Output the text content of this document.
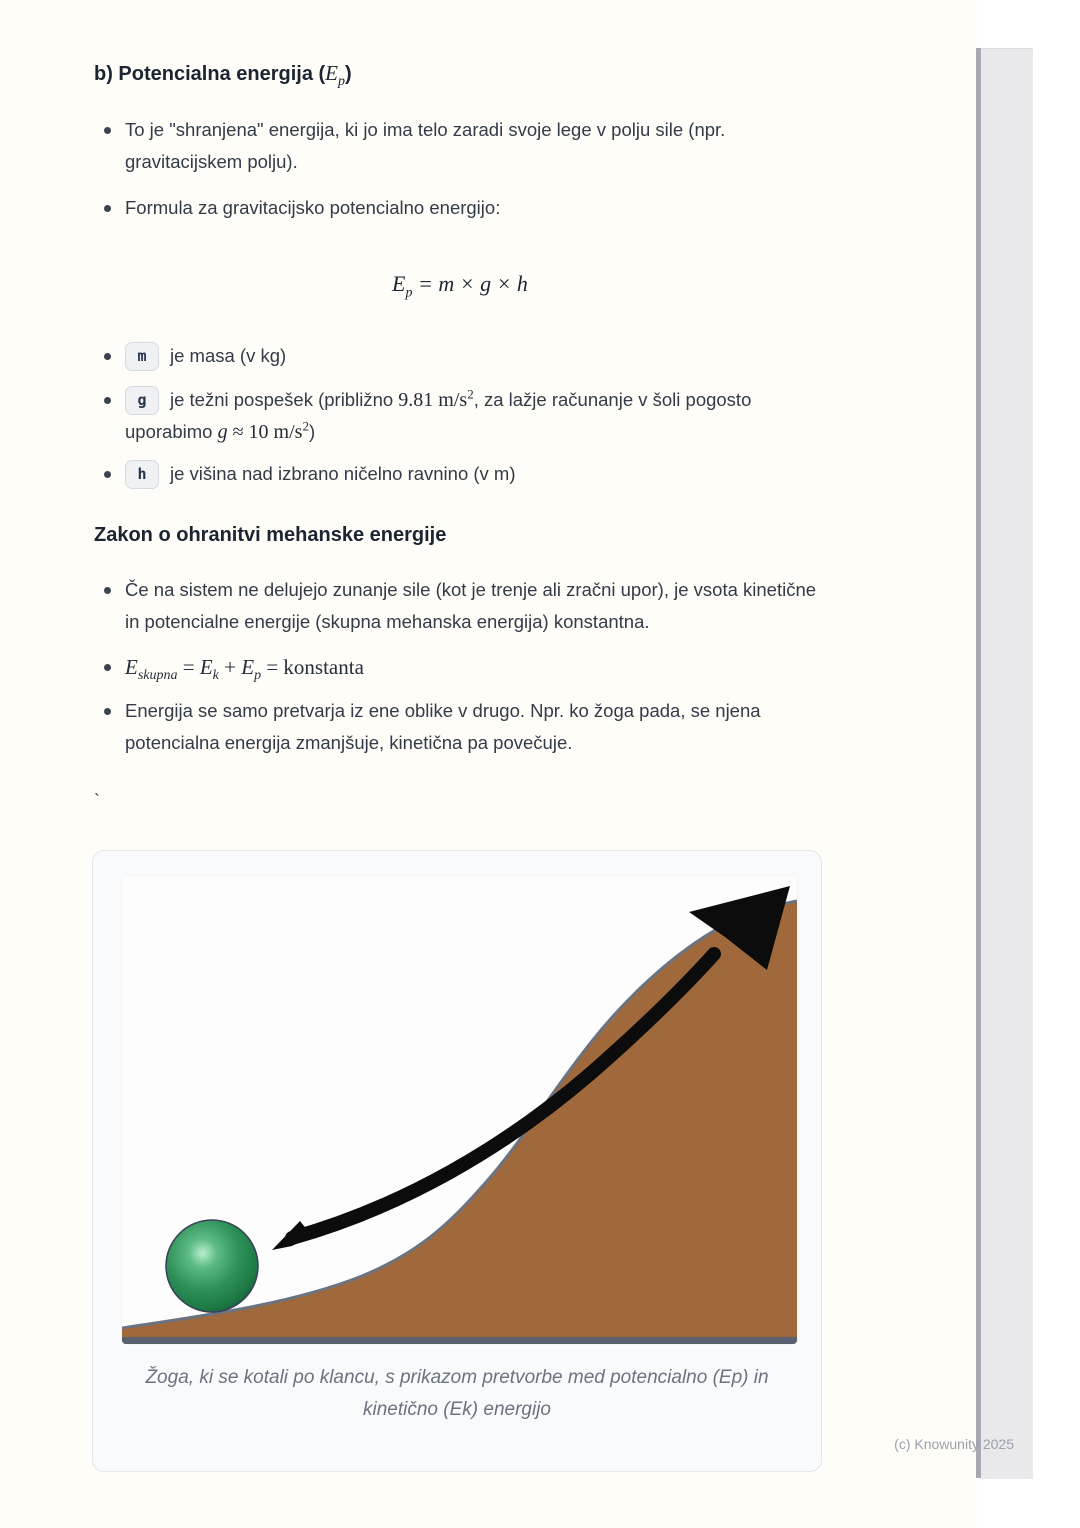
b) Potencialna energija $(E_p)$
To je "shranjena" energija, ki jo ima telo zaradi svoje lege v polju sile (npr. gravitacijskem polju).
Formula za gravitacijsko potencialno energijo:
$E_p = m \times g \times h$
m je masa (v kg)
g je težni pospešek (približno 9.81 $m/s^2$, za lažje računanje v šoli pogosto uporabimo g ≈ 10 $m/s^2$)
h je višina nad izbrano ničelno ravnino (v m)
Zakon o ohranitvi mehanske energije
Če na sistem ne delujejo zunanje sile (kot je trenje ali zračni upor), je vsota kinetične in potencialne energije (skupna mehanska energija) konstantna.
$E_{skupna} = E_k + E_p$ = konstanta
Energija se samo pretvarja iz ene oblike v drugo. Npr. ko žoga pada, se njena potencialna energija zmanjšuje, kinetična pa povečuje.
`
Žoga, ki se kotali po klancu, s prikazom pretvorbe med potencialno (Ep) in kinetično (Ek) energijo
(c) Knowunity 2025
